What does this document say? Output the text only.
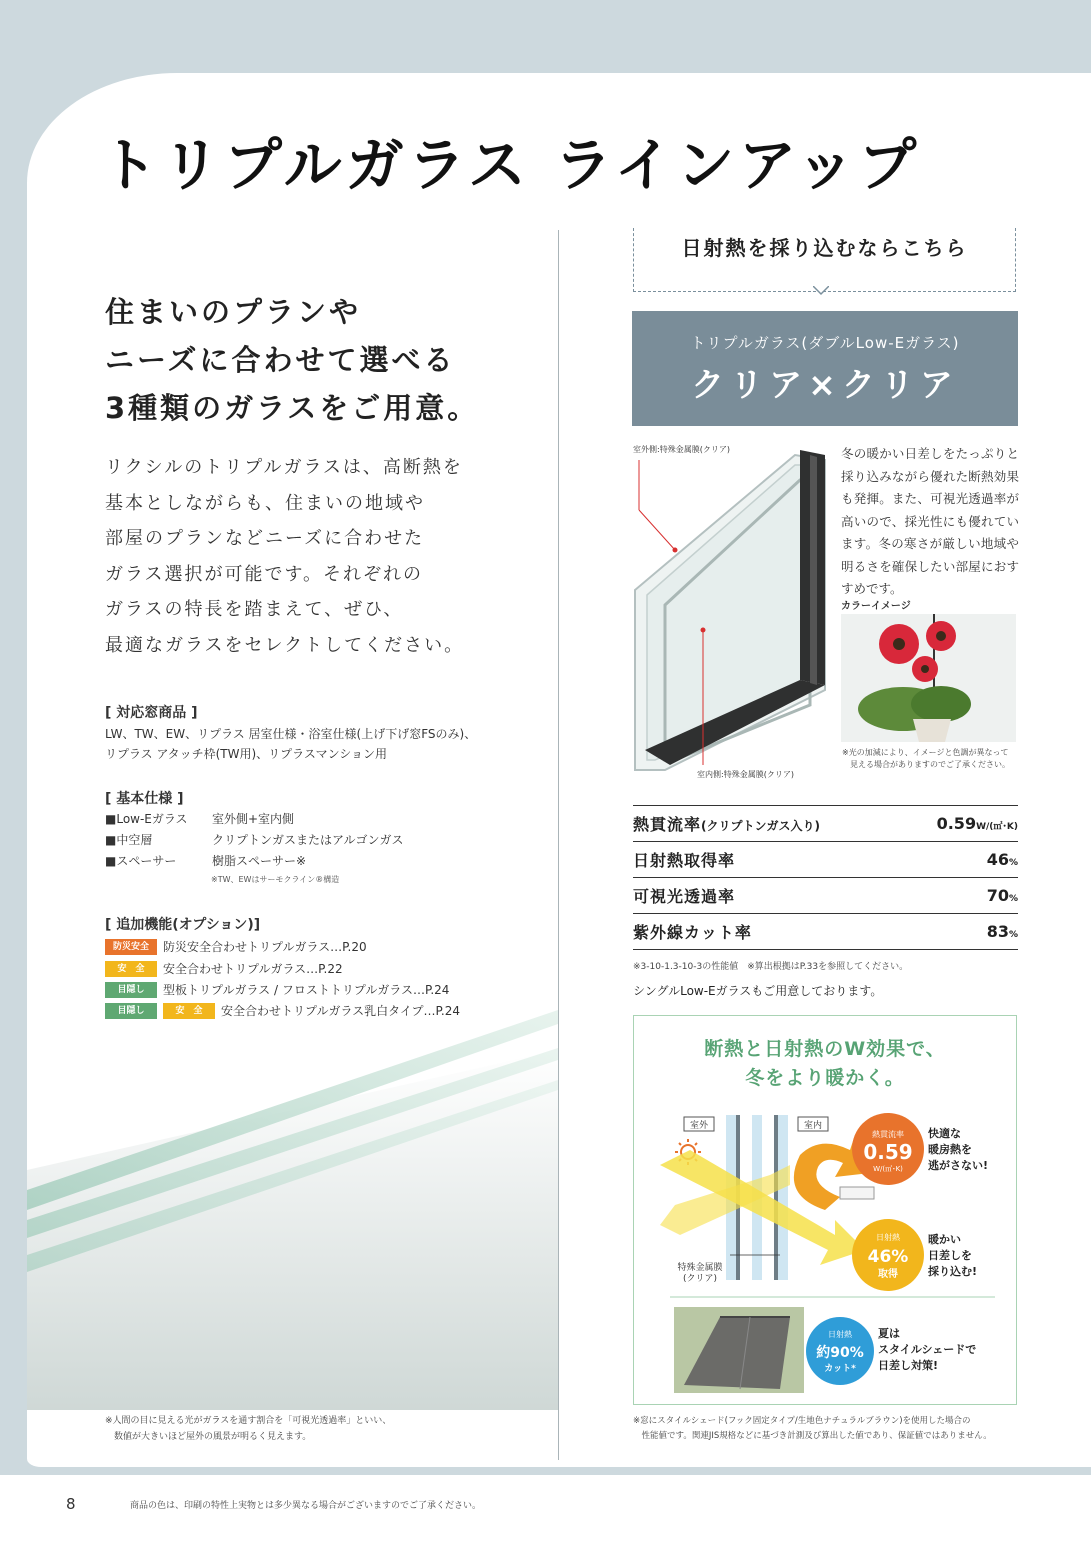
トリプルガラス ラインアップ
住まいのプランや
ニーズに合わせて選べる
3種類のガラスをご用意。
リクシルのトリプルガラスは、高断熱を
基本としながらも、住まいの地域や
部屋のプランなどニーズに合わせた
ガラス選択が可能です。それぞれの
ガラスの特長を踏まえて、ぜひ、
最適なガラスをセレクトしてください。
[ 対応窓商品 ]
LW、TW、EW、リプラス 居室仕様・浴室仕様(上げ下げ窓FSのみ)、
リプラス アタッチ枠(TW用)、リプラスマンション用
[ 基本仕様 ]
■Low-Eガラス	室外側+室内側
■中空層	クリプトンガスまたはアルゴンガス
■スペーサー	樹脂スペーサー※
※TW、EWはサーモクライン®構造
[ 追加機能(オプション)]
防災安全	防災安全合わせトリプルガラス…P.20
安　全	安全合わせトリプルガラス…P.22
目隠し	型板トリプルガラス / フロストトリプルガラス…P.24
目隠し	安　全	安全合わせトリプルガラス乳白タイプ…P.24
※人間の目に見える光がガラスを通す割合を「可視光透過率」といい、
　数値が大きいほど屋外の風景が明るく見えます。
8	商品の色は、印刷の特性上実物とは多少異なる場合がございますのでご了承ください。
日射熱を採り込むならこちら
トリプルガラス(ダブルLow-Eガラス)
クリア×クリア
室外側:特殊金属膜(クリア)
室内側:特殊金属膜(クリア)
冬の暖かい日差しをたっぷりと採り込みながら優れた断熱効果も発揮。また、可視光透過率が高いので、採光性にも優れています。冬の寒さが厳しい地域や明るさを確保したい部屋におすすめです。
カラーイメージ
※光の加減により、イメージと色調が異なって
　見える場合がありますのでご了承ください。
熱貫流率(クリプトンガス入り)	0.59W/(㎡･K)
日射熱取得率	46%
可視光透過率	70%
紫外線カット率	83%
※3-10-1.3-10-3の性能値　※算出根拠はP.33を参照してください。
シングルLow-Eガラスもご用意しております。
断熱と日射熱のW効果で、
冬をより暖かく。
室外	室内
特殊金属膜
(クリア)
熱貫流率
0.59
W/(㎡･K)
快適な
暖房熱を
逃がさない!
日射熱
46%
取得
暖かい
日差しを
採り込む!
日射熱
約90%
カット*
夏は
スタイルシェードで
日差し対策!
※窓にスタイルシェード(フック固定タイプ/生地色ナチュラルブラウン)を使用した場合の
　性能値です。関連JIS規格などに基づき計測及び算出した値であり、保証値ではありません。
